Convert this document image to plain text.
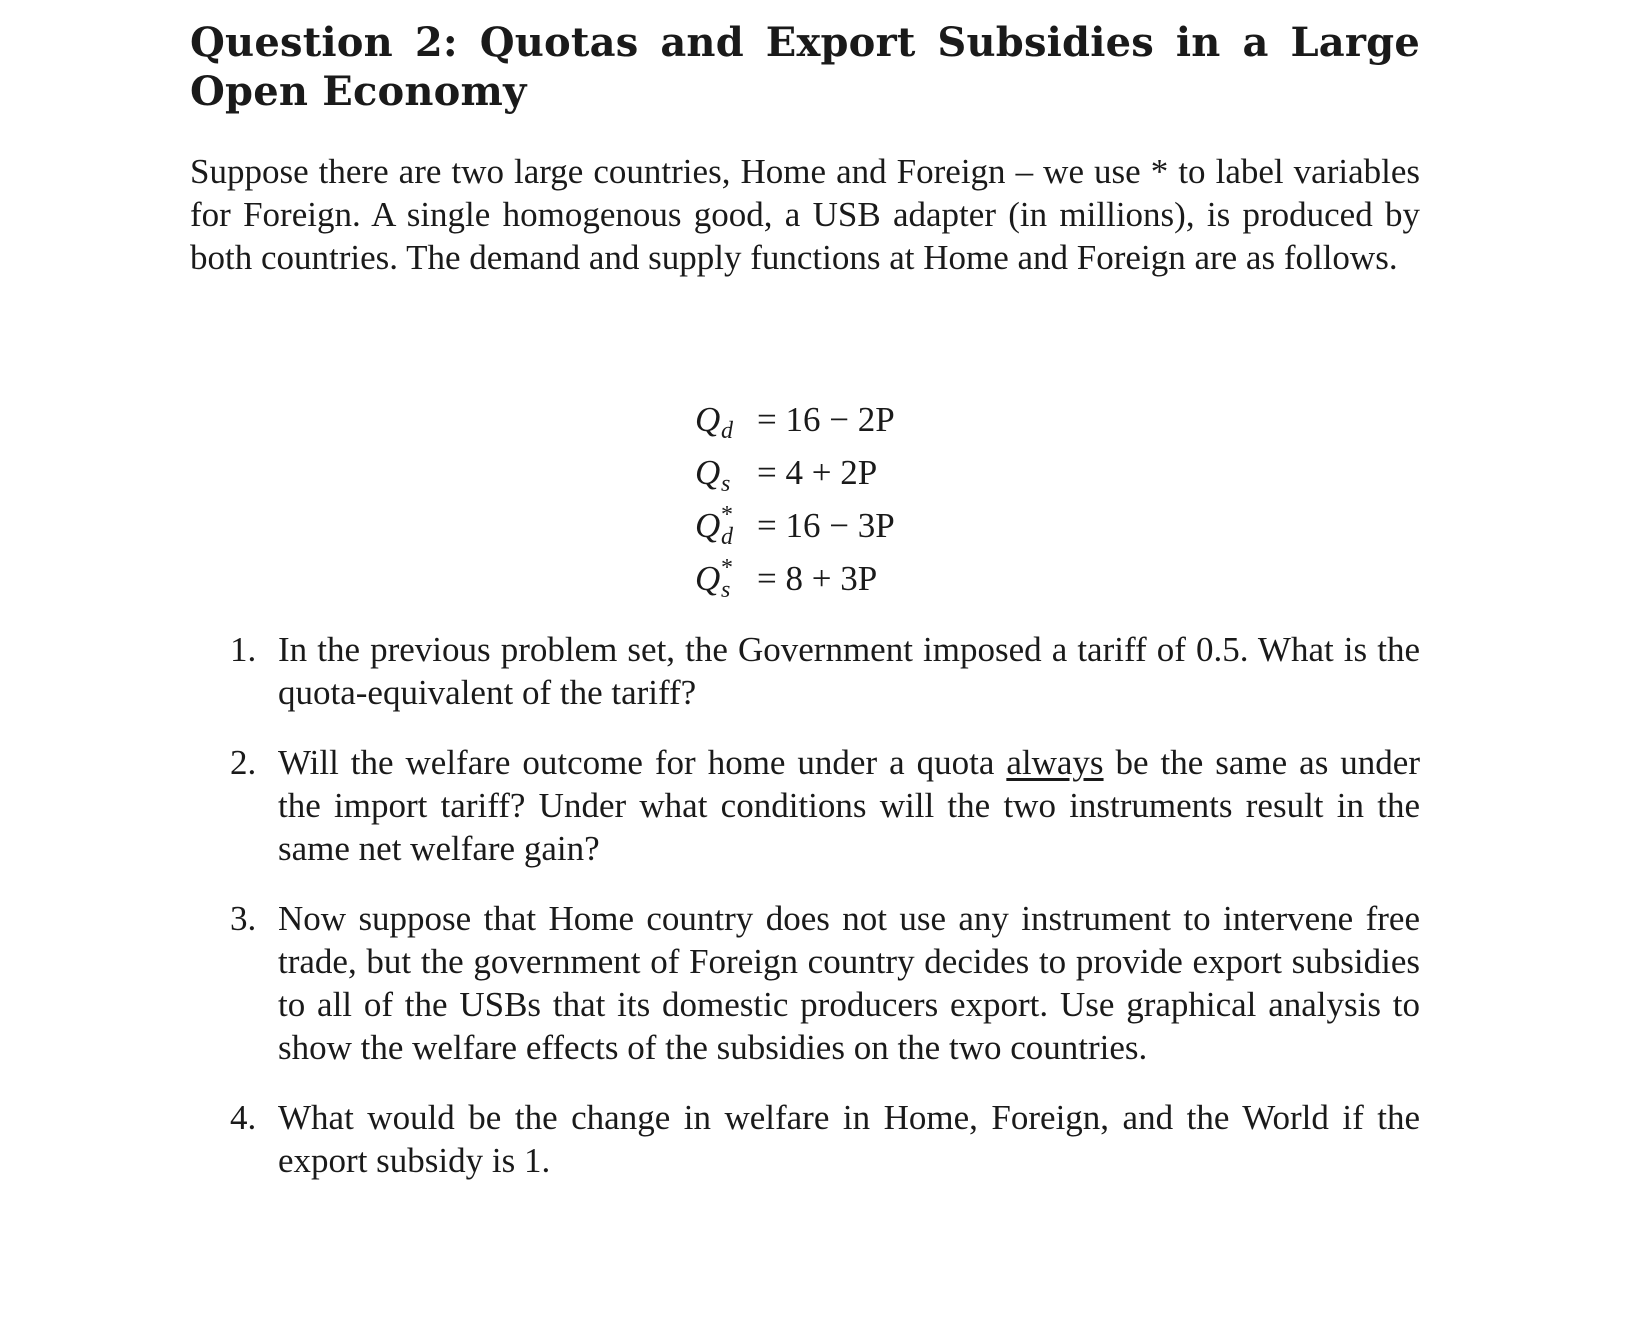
Question 2: Quotas and Export Subsidies in a Large Open Economy

Suppose there are two large countries, Home and Foreign – we use * to label variables for Foreign. A single homogenous good, a USB adapter (in millions), is produced by both countries. The demand and supply functions at Home and Foreign are as follows.

Q d = 16 − 2P
Q s = 4 + 2P
Q *
d = 16 − 3P
Q *
s = 8 + 3P
1. In the previous problem set, the Government imposed a tariff of 0.5. What is the quota-equivalent of the tariff?
2. Will the welfare outcome for home under a quota always be the same as under the import tariff? Under what conditions will the two instruments result in the same net welfare gain?
3. Now suppose that Home country does not use any instrument to intervene free trade, but the government of Foreign country decides to provide export subsidies to all of the USBs that its domestic producers export. Use graphical analysis to show the welfare effects of the subsidies on the two countries.
4. What would be the change in welfare in Home, Foreign, and the World if the export subsidy is 1.
